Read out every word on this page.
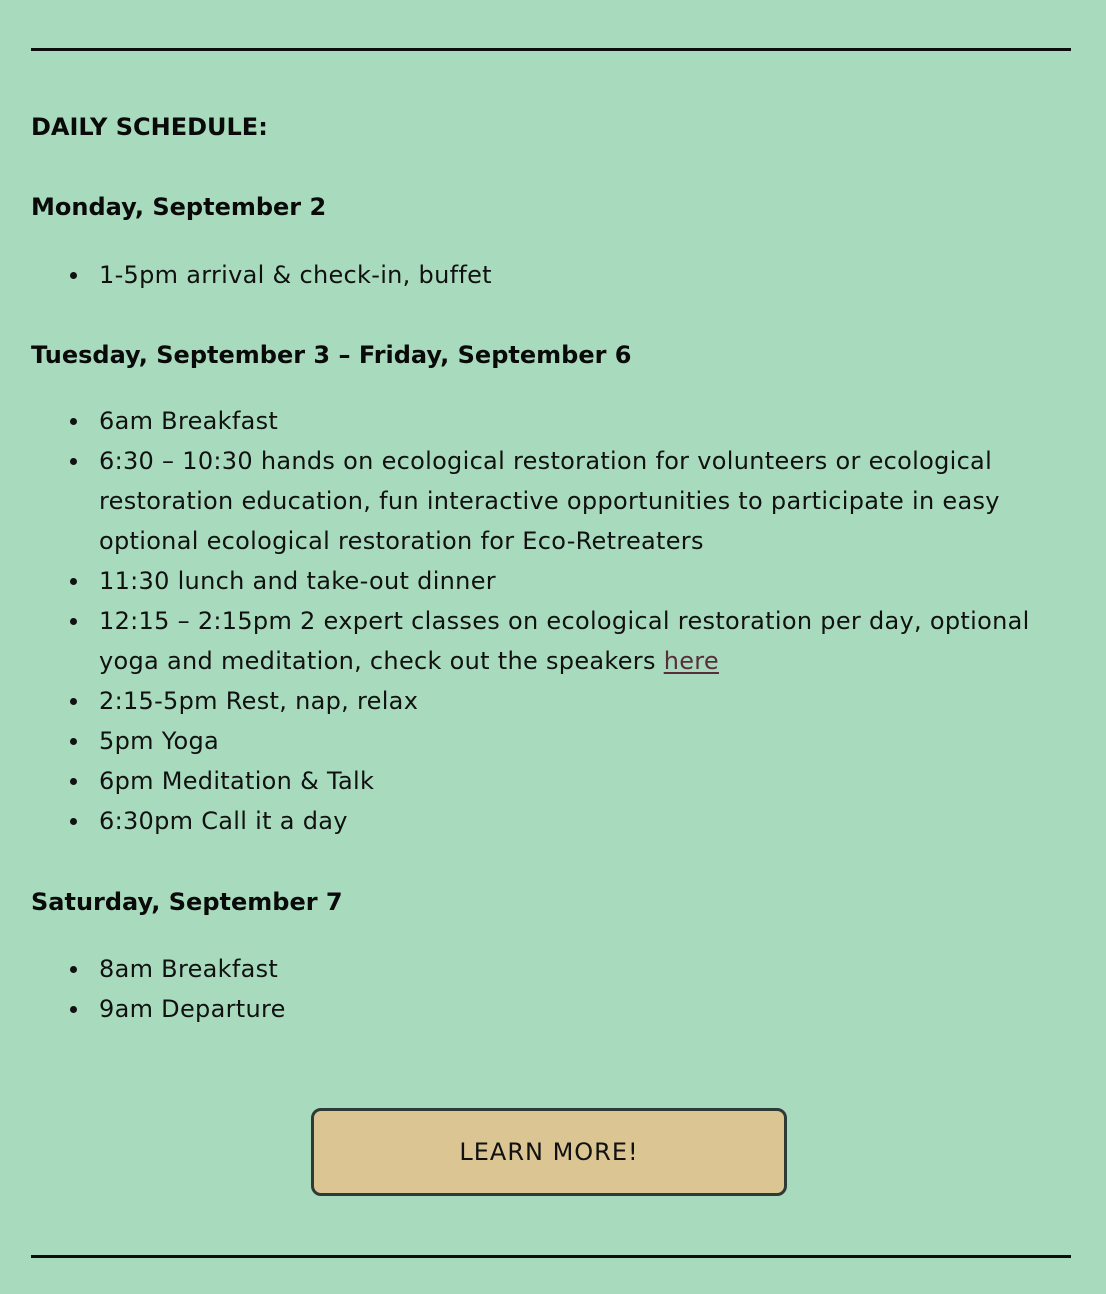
DAILY SCHEDULE:
Monday, September 2
1-5pm arrival & check-in, buffet
Tuesday, September 3 – Friday, September 6
6am Breakfast
6:30 – 10:30 hands on ecological restoration for volunteers or ecological restoration education, fun interactive opportunities to participate in easy optional ecological restoration for Eco-Retreaters
11:30 lunch and take-out dinner
12:15 – 2:15pm 2 expert classes on ecological restoration per day, optional yoga and meditation, check out the speakers here
2:15-5pm Rest, nap, relax
5pm Yoga
6pm Meditation & Talk
6:30pm Call it a day
Saturday, September 7
8am Breakfast
9am Departure
LEARN MORE!
